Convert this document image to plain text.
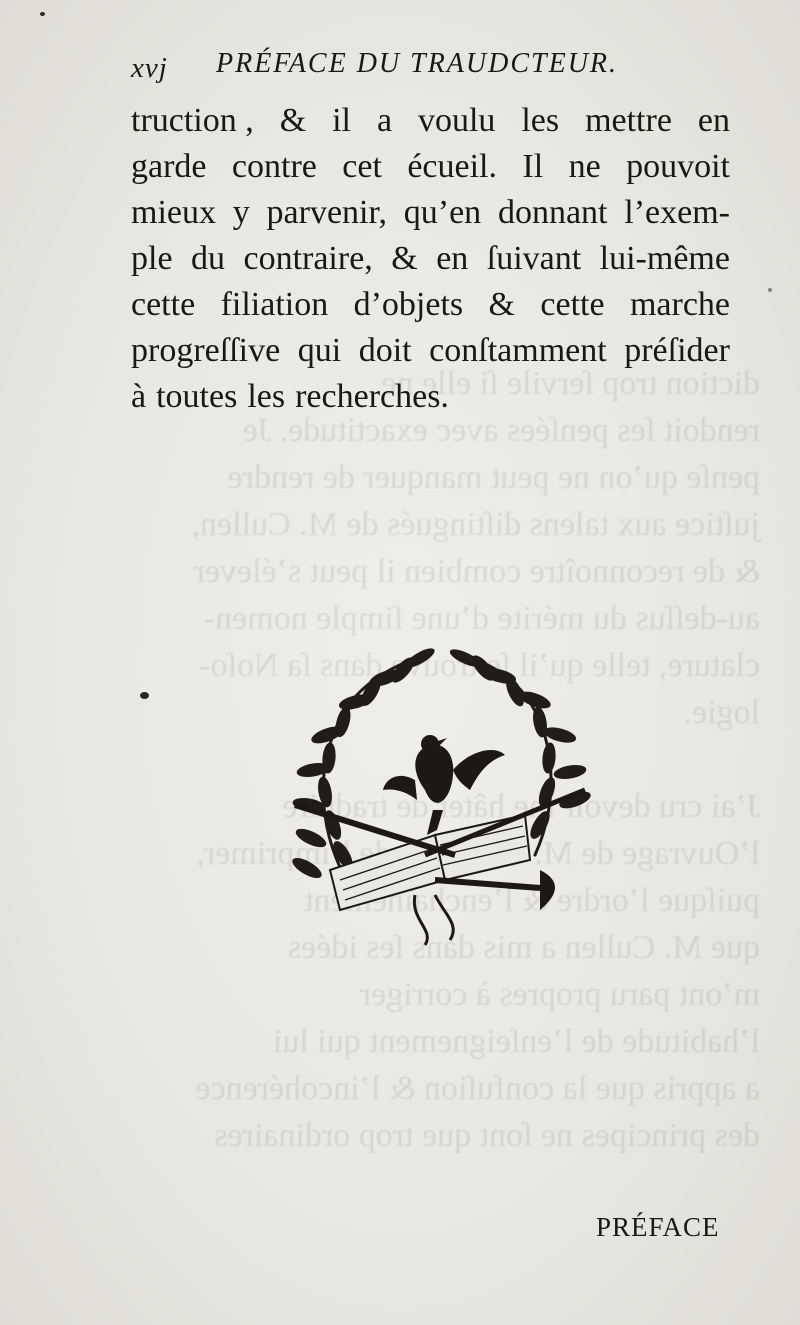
diction trop ſervile ſi elle ne
rendoit ſes penſées avec exactitude. Je
penſe qu’on ne peut manquer de rendre
juſtice aux talens diſtingués de M. Cullen,
& de reconnoître combien il peut s’élever
au-deſſus du mérite d’une ſimple nomen-
clature, telle qu’il ſe trouve dans ſa Noſo-
logie.

J’ai cru devoir me hâter de traduire
l’Ouvrage de M. de l’imprimer,
puiſque l’ordre & l’enchaînement
que M. Cullen a mis dans ſes idées
m’ont paru propres à corriger
l’habitude de l’enſeignement qui lui
a appris que la confuſion & l’incohérence
des principes ne ſont que trop ordinaires
xvj PRÉFACE DU TRAUDCTEUR.
truction , & il a voulu les mettre en
garde contre cet écueil. Il ne pouvoit
mieux y parvenir, qu’en donnant l’exem-
ple du contraire, & en ſuivant lui-même
cette filiation d’objets & cette marche
progreſſive qui doit conſtamment préſider
à toutes les recherches.
PRÉFACE
